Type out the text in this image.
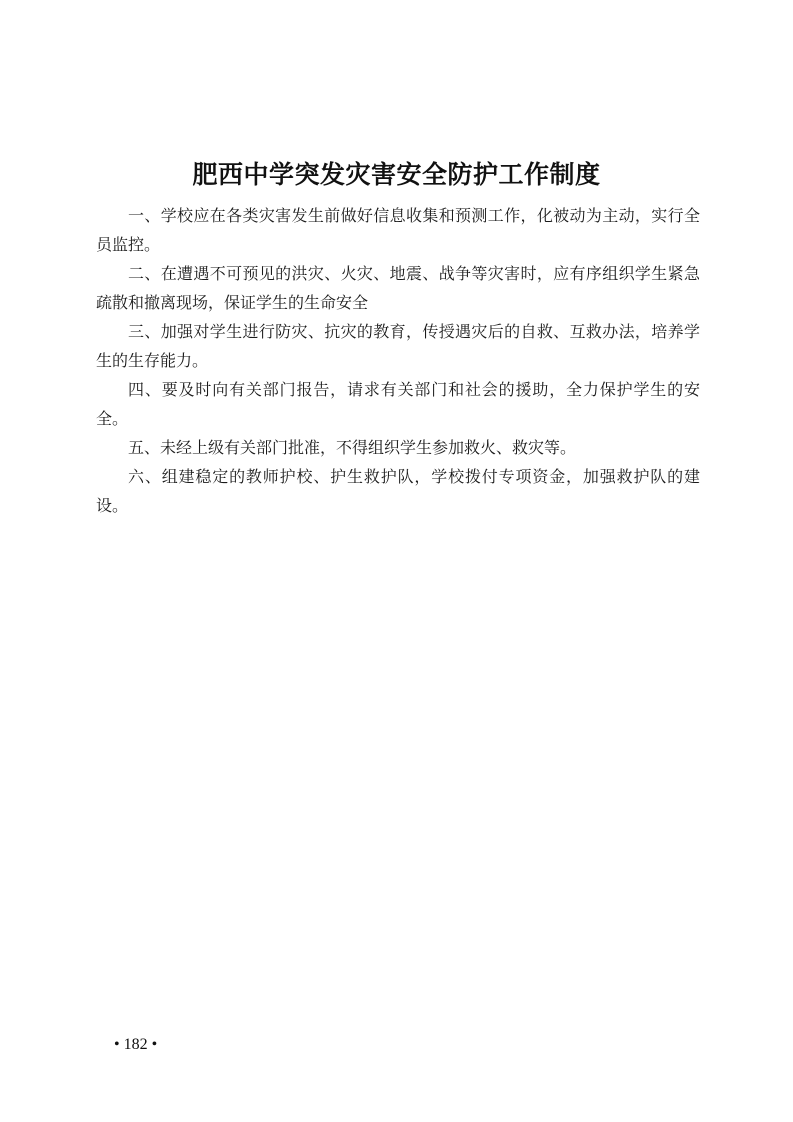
肥西中学突发灾害安全防护工作制度

一、学校应在各类灾害发生前做好信息收集和预测工作，化被动为主动，实行全员监控。

二、在遭遇不可预见的洪灾、火灾、地震、战争等灾害时，应有序组织学生紧急疏散和撤离现场，保证学生的生命安全

三、加强对学生进行防灾、抗灾的教育，传授遇灾后的自救、互救办法，培养学生的生存能力。

四、要及时向有关部门报告，请求有关部门和社会的援助，全力保护学生的安全。

五、未经上级有关部门批准，不得组织学生参加救火、救灾等。

六、组建稳定的教师护校、护生救护队，学校拨付专项资金，加强救护队的建设。

• 182 •
